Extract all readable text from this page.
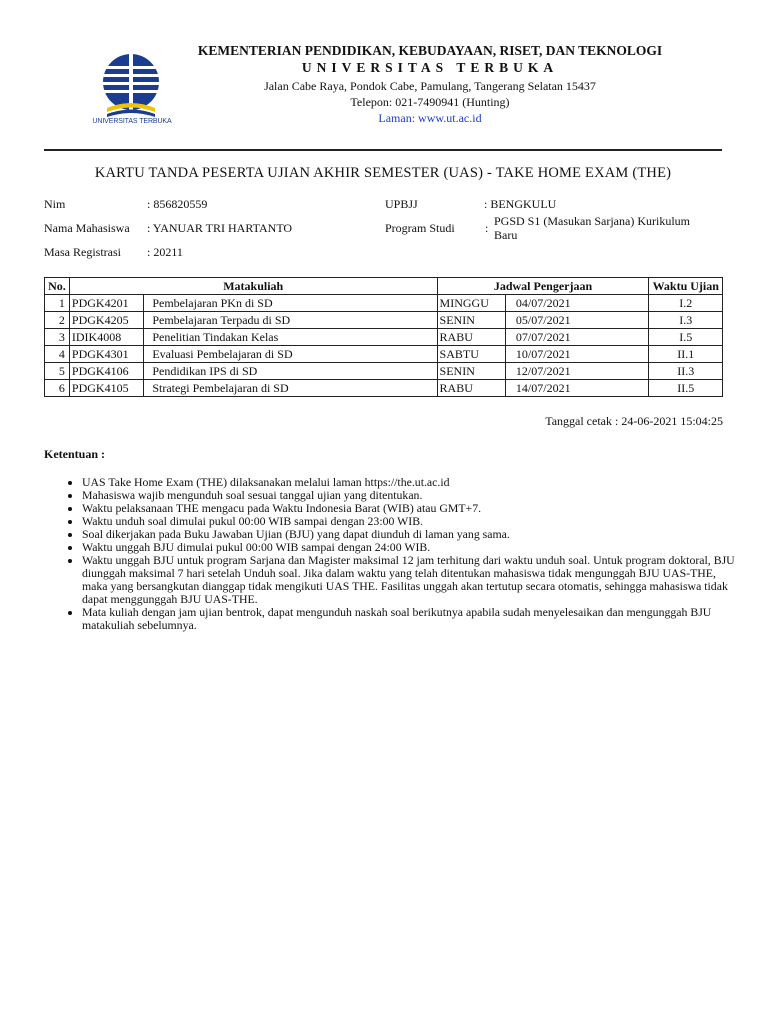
UNIVERSITAS TERBUKA
KEMENTERIAN PENDIDIKAN, KEBUDAYAAN, RISET, DAN TEKNOLOGI
UNIVERSITAS TERBUKA
Jalan Cabe Raya, Pondok Cabe, Pamulang, Tangerang Selatan 15437
Telepon: 021-7490941 (Hunting)
Laman: www.ut.ac.id
KARTU TANDA PESERTA UJIAN AKHIR SEMESTER (UAS) - TAKE HOME EXAM (THE)
Nim	: 856820559
Nama Mahasiswa : YANUAR TRI HARTANTO
Masa Registrasi : 20211
UPBJJ	: BENGKULU
Program Studi	: PGSD S1 (Masukan Sarjana) Kurikulum
Baru
No.	Matakuliah		Jadwal Pengerjaan		Waktu Ujian
1	PDGK4201	Pembelajaran PKn di SD	MINGGU	04/07/2021	I.2
2	PDGK4205	Pembelajaran Terpadu di SD	SENIN	05/07/2021	I.3
3	IDIK4008	Penelitian Tindakan Kelas	RABU	07/07/2021	I.5
4	PDGK4301	Evaluasi Pembelajaran di SD	SABTU	10/07/2021	II.1
5	PDGK4106	Pendidikan IPS di SD	SENIN	12/07/2021	II.3
6	PDGK4105	Strategi Pembelajaran di SD	RABU	14/07/2021	II.5
Tanggal cetak : 24-06-2021 15:04:25
Ketentuan :
• UAS Take Home Exam (THE) dilaksanakan melalui laman https://the.ut.ac.id
• Mahasiswa wajib mengunduh soal sesuai tanggal ujian yang ditentukan.
• Waktu pelaksanaan THE mengacu pada Waktu Indonesia Barat (WIB) atau GMT+7.
• Waktu unduh soal dimulai pukul 00:00 WIB sampai dengan 23:00 WIB.
• Soal dikerjakan pada Buku Jawaban Ujian (BJU) yang dapat diunduh di laman yang sama.
• Waktu unggah BJU dimulai pukul 00:00 WIB sampai dengan 24:00 WIB.
• Waktu unggah BJU untuk program Sarjana dan Magister maksimal 12 jam terhitung dari waktu unduh soal. Untuk program doktoral, BJU diunggah maksimal 7 hari setelah Unduh soal. Jika dalam waktu yang telah ditentukan mahasiswa tidak mengunggah BJU UAS-THE, maka yang bersangkutan dianggap tidak mengikuti UAS THE. Fasilitas unggah akan tertutup secara otomatis, sehingga mahasiswa tidak dapat menggunggah BJU UAS-THE.
• Mata kuliah dengan jam ujian bentrok, dapat mengunduh naskah soal berikutnya apabila sudah menyelesaikan dan mengunggah BJU matakuliah sebelumnya.
